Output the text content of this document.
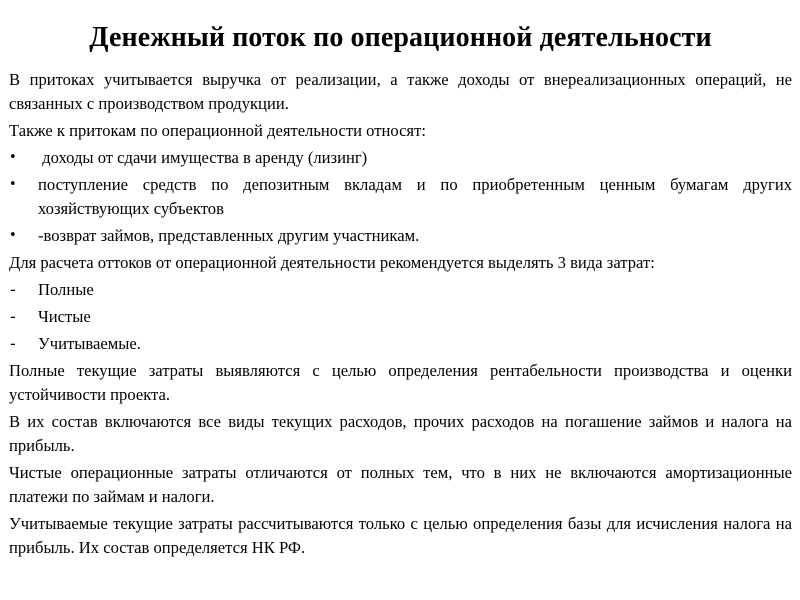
Денежный поток по операционной деятельности

В притоках учитывается выручка от реализации, а также доходы от внереализационных операций, не связанных с производством продукции.

Также к притокам по операционной деятельности относят:

•	доходы от сдачи имущества в аренду (лизинг)
•	поступление средств по депозитным вкладам и по приобретенным ценным бумагам других хозяйствующих субъектов
•	-возврат займов, представленных другим участникам.

Для расчета оттоков от операционной деятельности рекомендуется выделять 3 вида затрат:

-	Полные
-	Чистые
-	Учитываемые.

Полные текущие затраты выявляются с целью определения рентабельности производства и оценки устойчивости проекта.

В их состав включаются все виды текущих расходов, прочих расходов на погашение займов и налога на прибыль.

Чистые операционные затраты отличаются от полных тем, что в них не включаются амортизационные платежи по займам и налоги.

Учитываемые текущие затраты рассчитываются только с целью определения базы для исчисления налога на прибыль. Их состав определяется НК РФ.
